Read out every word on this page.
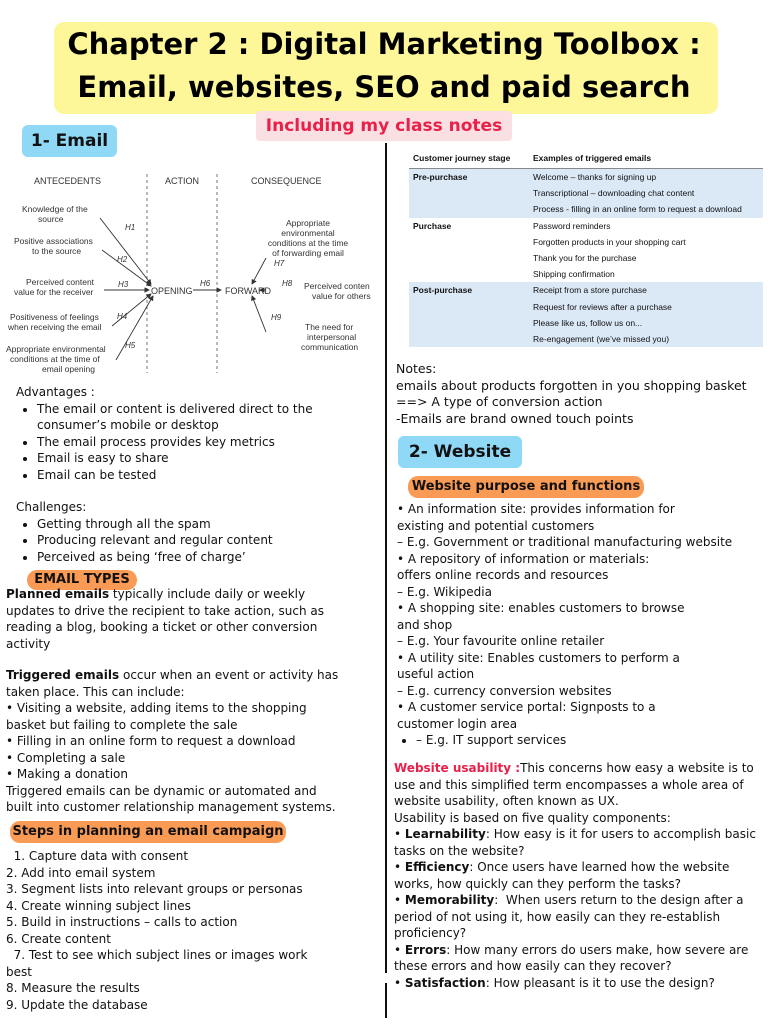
Chapter 2 : Digital Marketing Toolbox :
Email, websites, SEO and paid search
Including my class notes
1- Email
ANTECEDENTS	ACTION	CONSEQUENCE
Knowledge of the source
Positive associations to the source
Perceived content value for the receiver
Positiveness of feelings when receiving the email
Appropriate environmental conditions at the time of email opening
OPENING	FORWARD
Appropriate environmental conditions at the time of forwarding email
Perceived conten value for others
The need for interpersonal communication
H1
H2
H3
H4
H5
H6
H7
H8
H9
Advantages :
• The email or content is delivered direct to the
consumer’s mobile or desktop
• The email process provides key metrics
• Email is easy to share
• Email can be tested
Challenges:
• Getting through all the spam
• Producing relevant and regular content
• Perceived as being ‘free of charge’
EMAIL TYPES
Planned emails typically include daily or weekly
updates to drive the recipient to take action, such as
reading a blog, booking a ticket or other conversion
activity
Triggered emails occur when an event or activity has
taken place. This can include:
• Visiting a website, adding items to the shopping
basket but failing to complete the sale
• Filling in an online form to request a download
• Completing a sale
• Making a donation
Triggered emails can be dynamic or automated and
built into customer relationship management systems.
Steps in planning an email campaign
1. Capture data with consent
2. Add into email system
3. Segment lists into relevant groups or personas
4. Create winning subject lines
5. Build in instructions – calls to action
6. Create content
7. Test to see which subject lines or images work
best
8. Measure the results
9. Update the database
Customer journey stage	Examples of triggered emails
Pre-purchase	Welcome – thanks for signing up
	Transcriptional – downloading chat content
	Process - filling in an online form to request a download
Purchase	Password reminders
	Forgotten products in your shopping cart
	Thank you for the purchase
	Shipping confirmation
Post-purchase	Receipt from a store purchase
	Request for reviews after a purchase
	Please like us, follow us on...
	Re-engagement (we’ve missed you)
Notes:
emails about products forgotten in you shopping basket
==> A type of conversion action
-Emails are brand owned touch points
2- Website
Website purpose and functions
• An information site: provides information for
existing and potential customers
– E.g. Government or traditional manufacturing website
• A repository of information or materials:
offers online records and resources
– E.g. Wikipedia
• A shopping site: enables customers to browse
and shop
– E.g. Your favourite online retailer
• A utility site: Enables customers to perform a
useful action
– E.g. currency conversion websites
• A customer service portal: Signposts to a
customer login area
• – E.g. IT support services
Website usability :This concerns how easy a website is to
use and this simplified term encompasses a whole area of
website usability, often known as UX.
Usability is based on five quality components:
• Learnability: How easy is it for users to accomplish basic
tasks on the website?
• Efficiency: Once users have learned how the website
works, how quickly can they perform the tasks?
• Memorability:  When users return to the design after a
period of not using it, how easily can they re-establish
proficiency?
• Errors: How many errors do users make, how severe are
these errors and how easily can they recover?
• Satisfaction: How pleasant is it to use the design?
